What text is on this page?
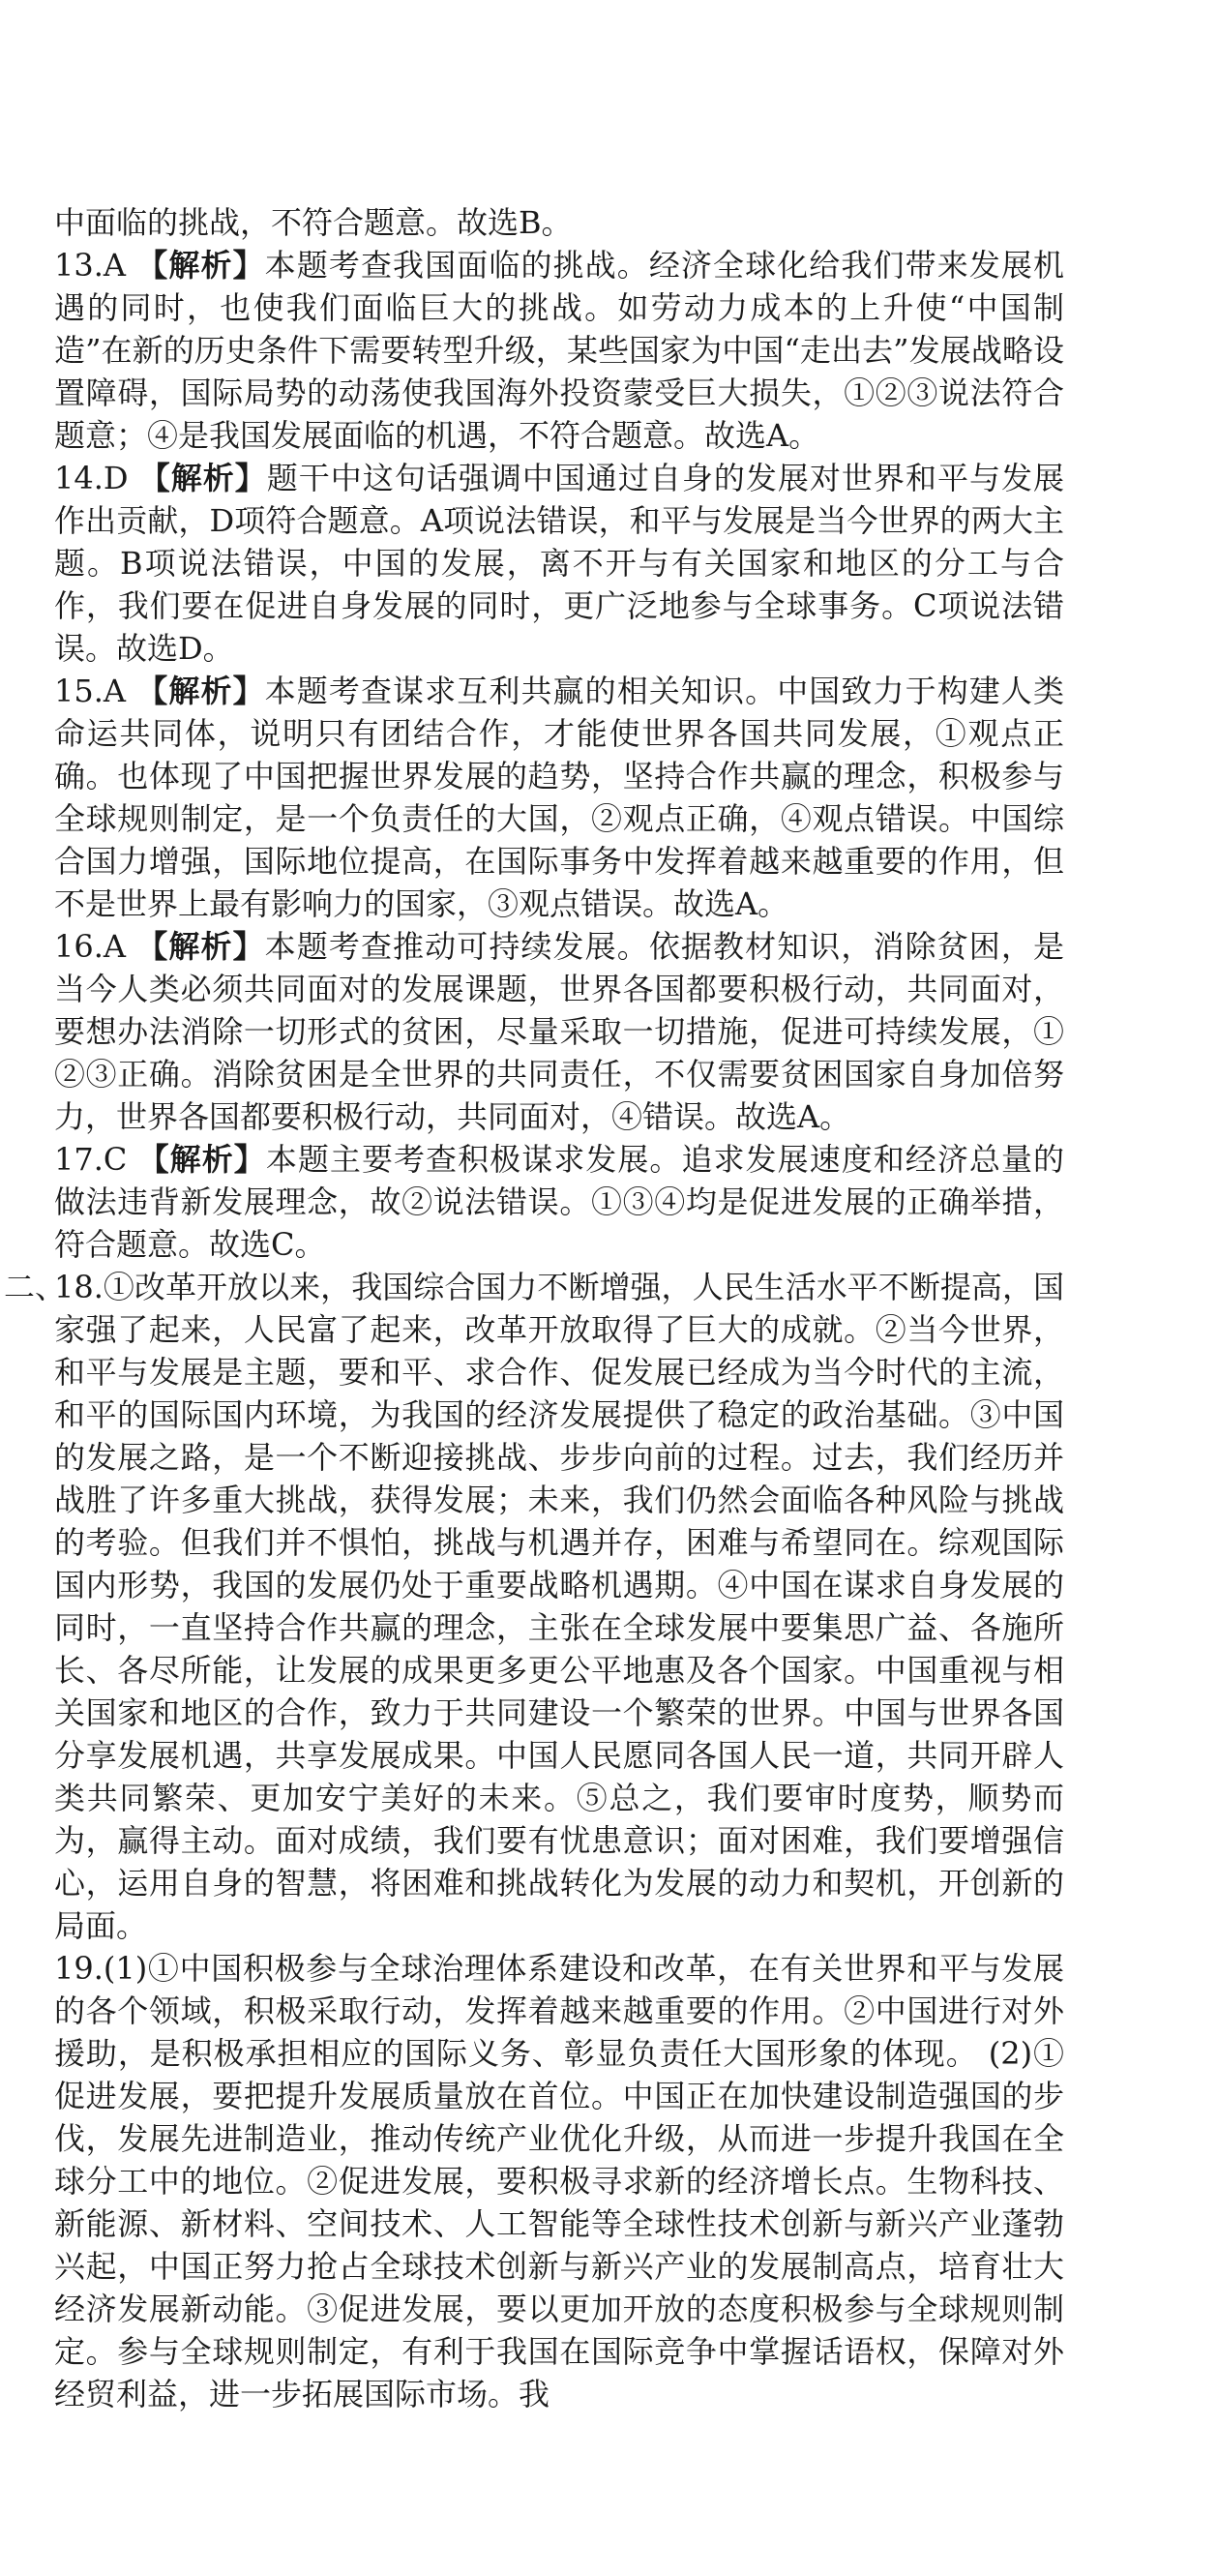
中面临的挑战，不符合题意。故选B。
13.A 【解析】本题考查我国面临的挑战。经济全球化给我们带来发展机遇的同时，也使我们面临巨大的挑战。如劳动力成本的上升使“中国制造”在新的历史条件下需要转型升级，某些国家为中国“走出去”发展战略设置障碍，国际局势的动荡使我国海外投资蒙受巨大损失，①②③说法符合题意；④是我国发展面临的机遇，不符合题意。故选A。
14.D 【解析】题干中这句话强调中国通过自身的发展对世界和平与发展作出贡献，D项符合题意。A项说法错误，和平与发展是当今世界的两大主题。B项说法错误，中国的发展，离不开与有关国家和地区的分工与合作，我们要在促进自身发展的同时，更广泛地参与全球事务。C项说法错误。故选D。
15.A 【解析】本题考查谋求互利共赢的相关知识。中国致力于构建人类命运共同体，说明只有团结合作，才能使世界各国共同发展，①观点正确。也体现了中国把握世界发展的趋势，坚持合作共赢的理念，积极参与全球规则制定，是一个负责任的大国，②观点正确，④观点错误。中国综合国力增强，国际地位提高，在国际事务中发挥着越来越重要的作用，但不是世界上最有影响力的国家，③观点错误。故选A。
16.A 【解析】本题考查推动可持续发展。依据教材知识，消除贫困，是当今人类必须共同面对的发展课题，世界各国都要积极行动，共同面对，要想办法消除一切形式的贫困，尽量采取一切措施，促进可持续发展，①②③正确。消除贫困是全世界的共同责任，不仅需要贫困国家自身加倍努力，世界各国都要积极行动，共同面对，④错误。故选A。
17.C 【解析】本题主要考查积极谋求发展。追求发展速度和经济总量的做法违背新发展理念，故②说法错误。①③④均是促进发展的正确举措，符合题意。故选C。
二、
18.①改革开放以来，我国综合国力不断增强，人民生活水平不断提高，国家强了起来，人民富了起来，改革开放取得了巨大的成就。②当今世界，和平与发展是主题，要和平、求合作、促发展已经成为当今时代的主流，和平的国际国内环境，为我国的经济发展提供了稳定的政治基础。③中国的发展之路，是一个不断迎接挑战、步步向前的过程。过去，我们经历并战胜了许多重大挑战，获得发展；未来，我们仍然会面临各种风险与挑战的考验。但我们并不惧怕，挑战与机遇并存，困难与希望同在。综观国际国内形势，我国的发展仍处于重要战略机遇期。④中国在谋求自身发展的同时，一直坚持合作共赢的理念，主张在全球发展中要集思广益、各施所长、各尽所能，让发展的成果更多更公平地惠及各个国家。中国重视与相关国家和地区的合作，致力于共同建设一个繁荣的世界。中国与世界各国分享发展机遇，共享发展成果。中国人民愿同各国人民一道，共同开辟人类共同繁荣、更加安宁美好的未来。⑤总之，我们要审时度势，顺势而为，赢得主动。面对成绩，我们要有忧患意识；面对困难，我们要增强信心，运用自身的智慧，将困难和挑战转化为发展的动力和契机，开创新的局面。
19.(1)①中国积极参与全球治理体系建设和改革，在有关世界和平与发展的各个领域，积极采取行动，发挥着越来越重要的作用。②中国进行对外援助，是积极承担相应的国际义务、彰显负责任大国形象的体现。 (2)①促进发展，要把提升发展质量放在首位。中国正在加快建设制造强国的步伐，发展先进制造业，推动传统产业优化升级，从而进一步提升我国在全球分工中的地位。②促进发展，要积极寻求新的经济增长点。生物科技、新能源、新材料、空间技术、人工智能等全球性技术创新与新兴产业蓬勃兴起，中国正努力抢占全球技术创新与新兴产业的发展制高点，培育壮大经济发展新动能。③促进发展，要以更加开放的态度积极参与全球规则制定。参与全球规则制定，有利于我国在国际竞争中掌握话语权，保障对外经贸利益，进一步拓展国际市场。我
